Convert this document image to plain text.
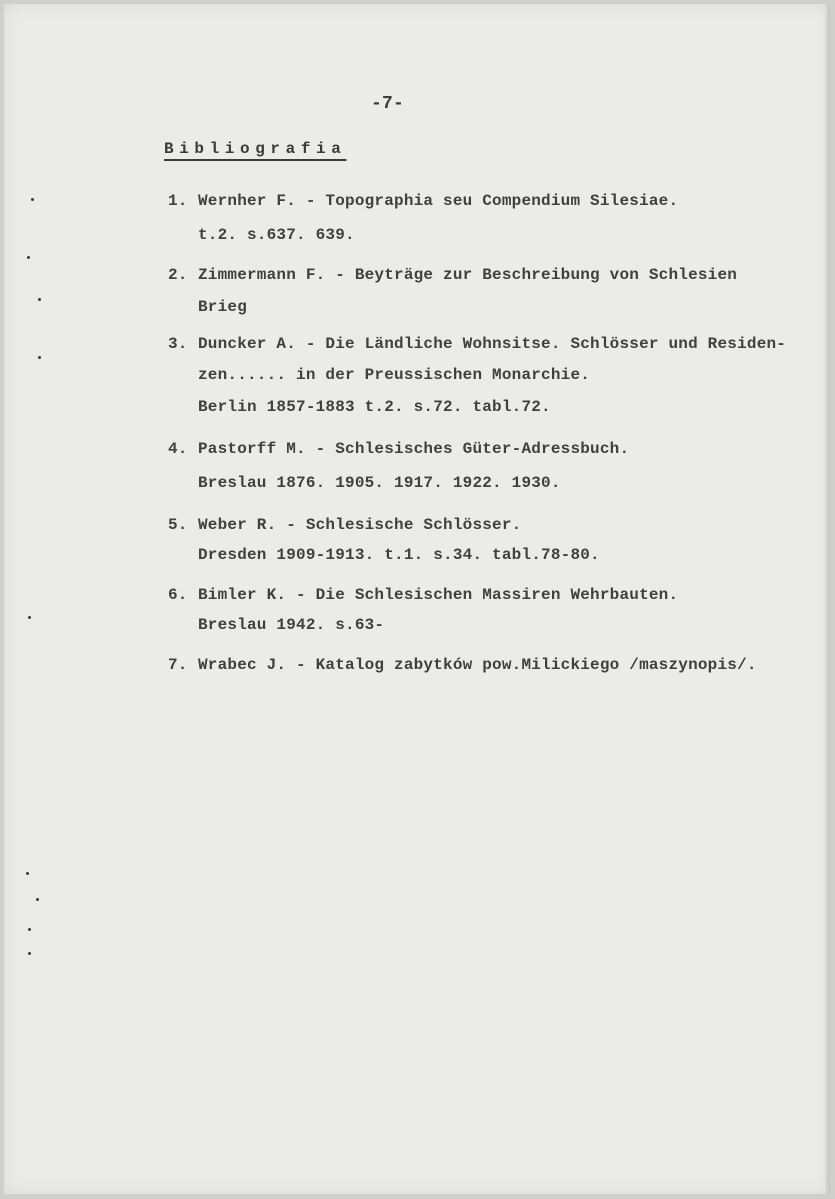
-7-
Bibliografia
1. Wernher F. - Topographia seu Compendium Silesiae.
t.2. s.637. 639.
2. Zimmermann F. - Beyträge zur Beschreibung von Schlesien
Brieg
3. Duncker A. - Die Ländliche Wohnsitse. Schlösser und Residen-
zen...... in der Preussischen Monarchie.
Berlin 1857-1883 t.2. s.72. tabl.72.
4. Pastorff M. - Schlesisches Güter-Adressbuch.
Breslau 1876. 1905. 1917. 1922. 1930.
5. Weber R. - Schlesische Schlösser.
Dresden 1909-1913. t.1. s.34. tabl.78-80.
6. Bimler K. - Die Schlesischen Massiren Wehrbauten.
Breslau 1942. s.63-
7. Wrabec J. - Katalog zabytków pow.Milickiego /maszynopis/.
